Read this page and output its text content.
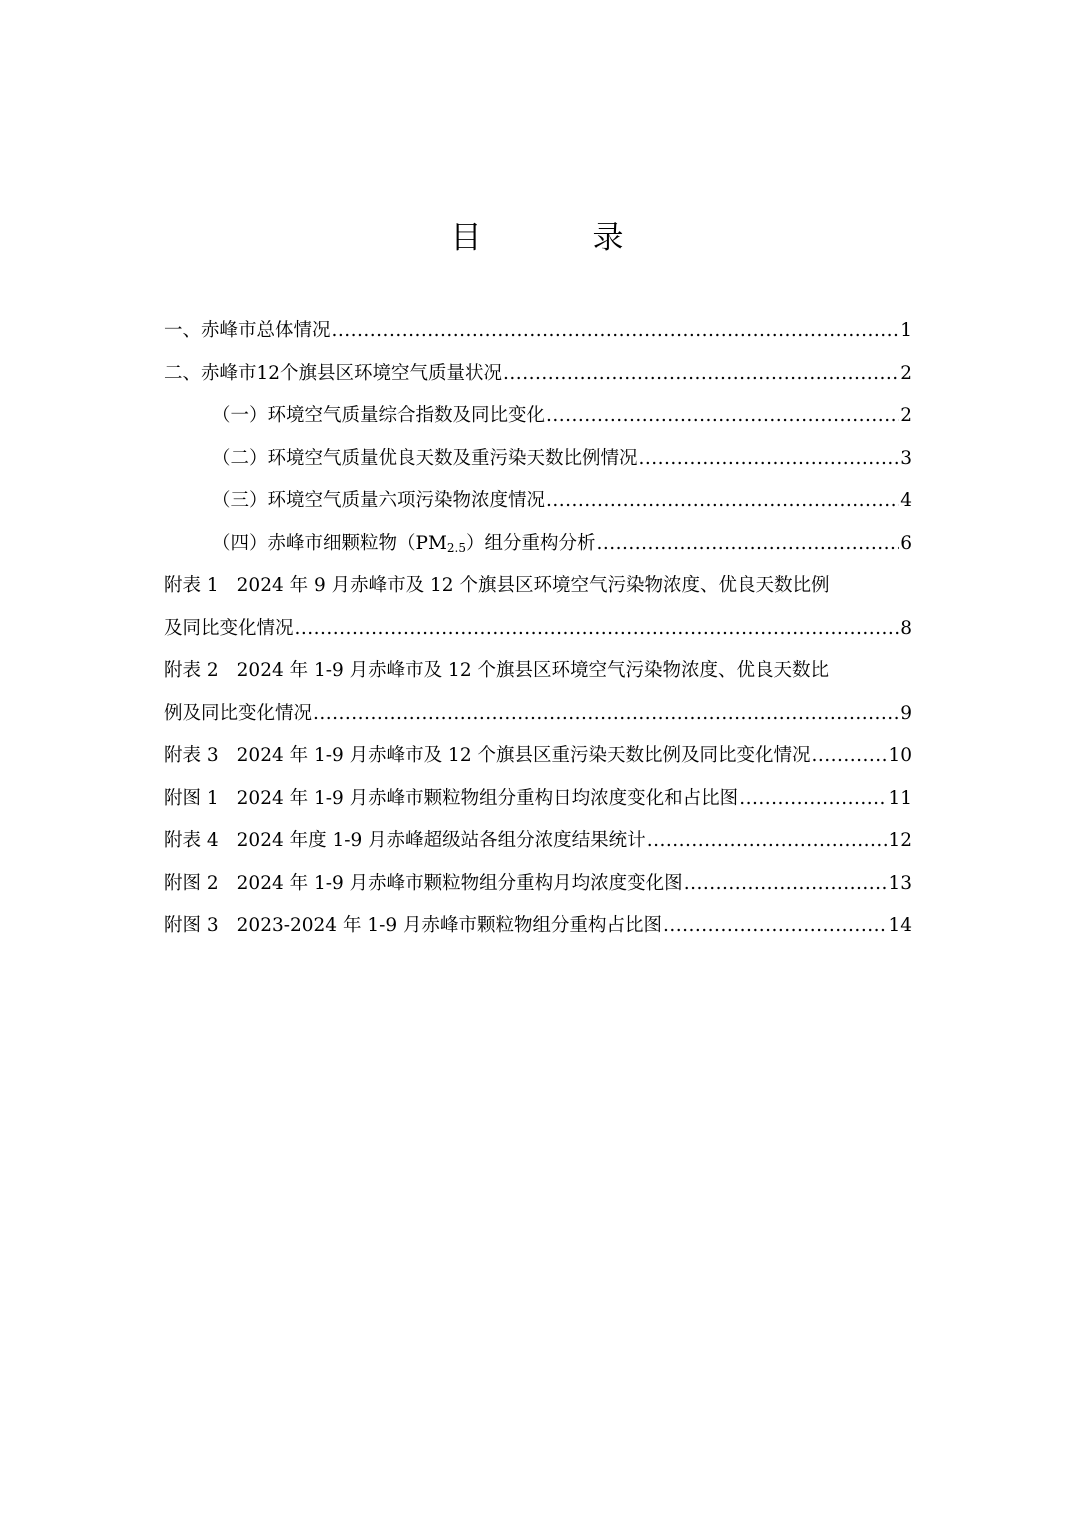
目　录
一、赤峰市总体情况 .....	1
二、赤峰市12个旗县区环境空气质量状况 .....	2
（一）环境空气质量综合指数及同比变化 .....	2
（二）环境空气质量优良天数及重污染天数比例情况 .....	3
（三）环境空气质量六项污染物浓度情况 .....	4
（四）赤峰市细颗粒物$(PM_{2.5})$组分重构分析 .....	6
附表 1 2024 年 9 月赤峰市及 12 个旗县区环境空气污染物浓度、优良天数比例
及同比变化情况 .....	8
附表 2 2024 年 1-9 月赤峰市及 12 个旗县区环境空气污染物浓度、优良天数比
例及同比变化情况 .....	9
附表 3 2024 年 1-9 月赤峰市及 12 个旗县区重污染天数比例及同比变化情况 .....	10
附图 1 2024 年 1-9 月赤峰市颗粒物组分重构日均浓度变化和占比图 .....	11
附表 4 2024 年度 1-9 月赤峰超级站各组分浓度结果统计 .....	12
附图 2 2024 年 1-9 月赤峰市颗粒物组分重构月均浓度变化图 .....	13
附图 3 2023-2024 年 1-9 月赤峰市颗粒物组分重构占比图 .....	14
